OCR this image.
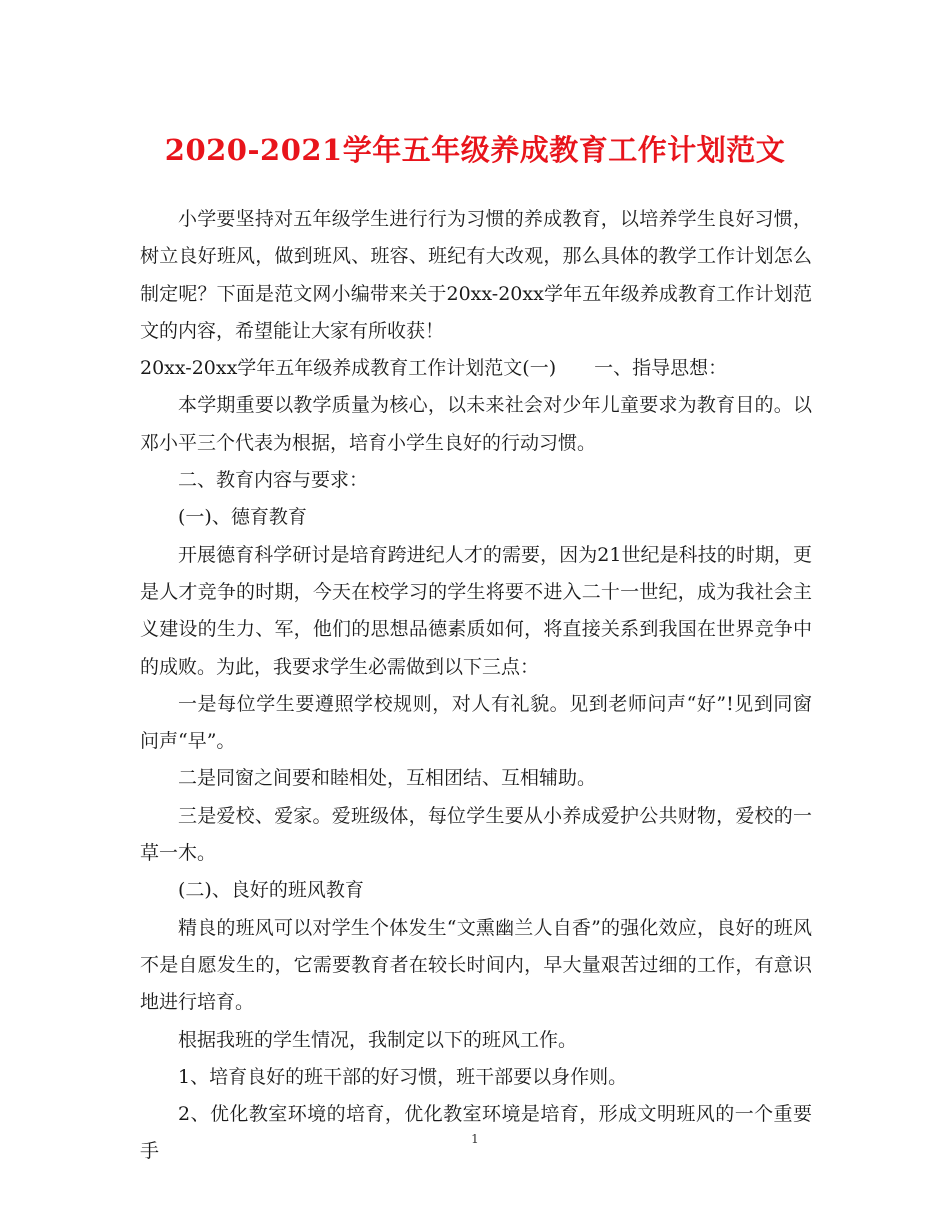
2020-2021学年五年级养成教育工作计划范文

小学要坚持对五年级学生进行行为习惯的养成教育，以培养学生良好习惯，树立良好班风，做到班风、班容、班纪有大改观，那么具体的教学工作计划怎么制定呢？下面是范文网小编带来关于20xx-20xx学年五年级养成教育工作计划范文的内容，希望能让大家有所收获！

20xx-20xx学年五年级养成教育工作计划范文(一)　　一、指导思想：

本学期重要以教学质量为核心，以未来社会对少年儿童要求为教育目的。以邓小平三个代表为根据，培育小学生良好的行动习惯。

二、教育内容与要求：

(一)、德育教育

开展德育科学研讨是培育跨进纪人才的需要，因为21世纪是科技的时期，更是人才竞争的时期，今天在校学习的学生将要不进入二十一世纪，成为我社会主义建设的生力、军，他们的思想品德素质如何，将直接关系到我国在世界竞争中的成败。为此，我要求学生必需做到以下三点：

一是每位学生要遵照学校规则，对人有礼貌。见到老师问声“好”!见到同窗问声“早”。

二是同窗之间要和睦相处，互相团结、互相辅助。

三是爱校、爱家。爱班级体，每位学生要从小养成爱护公共财物，爱校的一草一木。

(二)、良好的班风教育

精良的班风可以对学生个体发生“文熏幽兰人自香”的强化效应，良好的班风不是自愿发生的，它需要教育者在较长时间内，早大量艰苦过细的工作，有意识地进行培育。

根据我班的学生情况，我制定以下的班风工作。

1、培育良好的班干部的好习惯，班干部要以身作则。

2、优化教室环境的培育，优化教室环境是培育，形成文明班风的一个重要手

1
